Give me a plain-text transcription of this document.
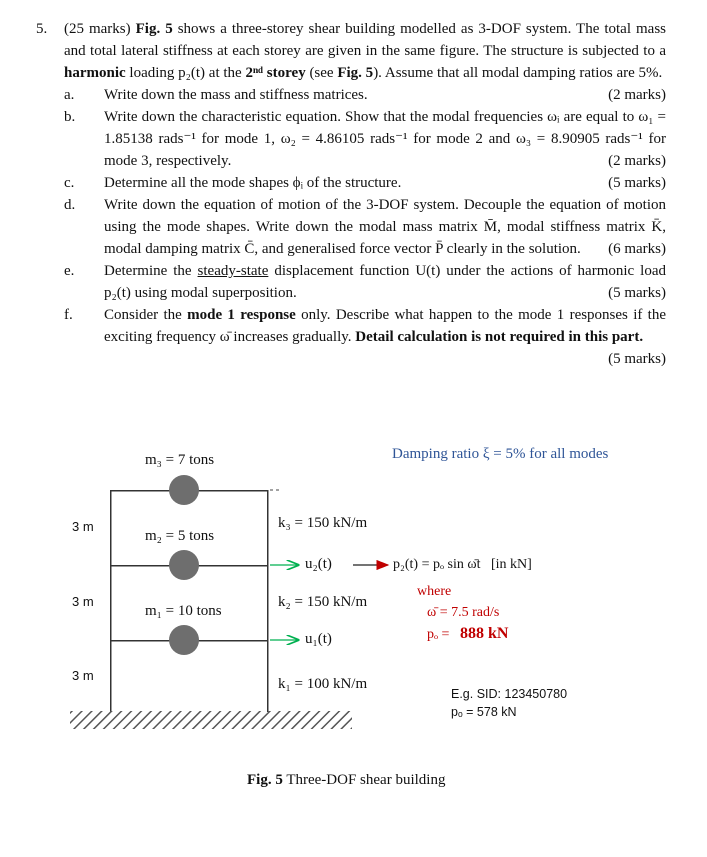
5.	(25 marks) Fig. 5 shows a three-storey shear building modelled as 3-DOF system. The total mass and total lateral stiffness at each storey are given in the same figure. The structure is subjected to a harmonic loading p₂(t) at the 2ⁿᵈ storey (see Fig. 5). Assume that all modal damping ratios are 5%.

a.	Write down the mass and stiffness matrices.	(2 marks)

b.	Write down the characteristic equation. Show that the modal frequencies ωᵢ are equal to ω₁ = 1.85138 rads⁻¹ for mode 1, ω₂ = 4.86105 rads⁻¹ for mode 2 and ω₃ = 8.90905 rads⁻¹ for mode 3, respectively.	(2 marks)

c.	Determine all the mode shapes ϕᵢ of the structure.	(5 marks)

d.	Write down the equation of motion of the 3-DOF system. Decouple the equation of motion using the mode shapes. Write down the modal mass matrix M̄, modal stiffness matrix K̄, modal damping matrix C̄, and generalised force vector P̄ clearly in the solution. (6 marks)

e.	Determine the steady-state displacement function U(t) under the actions of harmonic load p₂(t) using modal superposition.	(5 marks)

f.	Consider the mode 1 response only. Describe what happen to the mode 1 responses if the exciting frequency ω̄ increases gradually. Detail calculation is not required in this part.
(5 marks)

m₃ = 7 tons
m₂ = 5 tons
m₁ = 10 tons
3 m
3 m
3 m
k₃ = 150 kN/m
k₂ = 150 kN/m
k₁ = 100 kN/m
u₂(t)
u₁(t)
p₂(t) = pₒ sin ω̄t [in kN]
Damping ratio ξ = 5% for all modes
where
ω̄ = 7.5 rad/s
pₒ = 888 kN
E.g. SID: 123450780
pₒ = 578 kN
Fig. 5 Three-DOF shear building
